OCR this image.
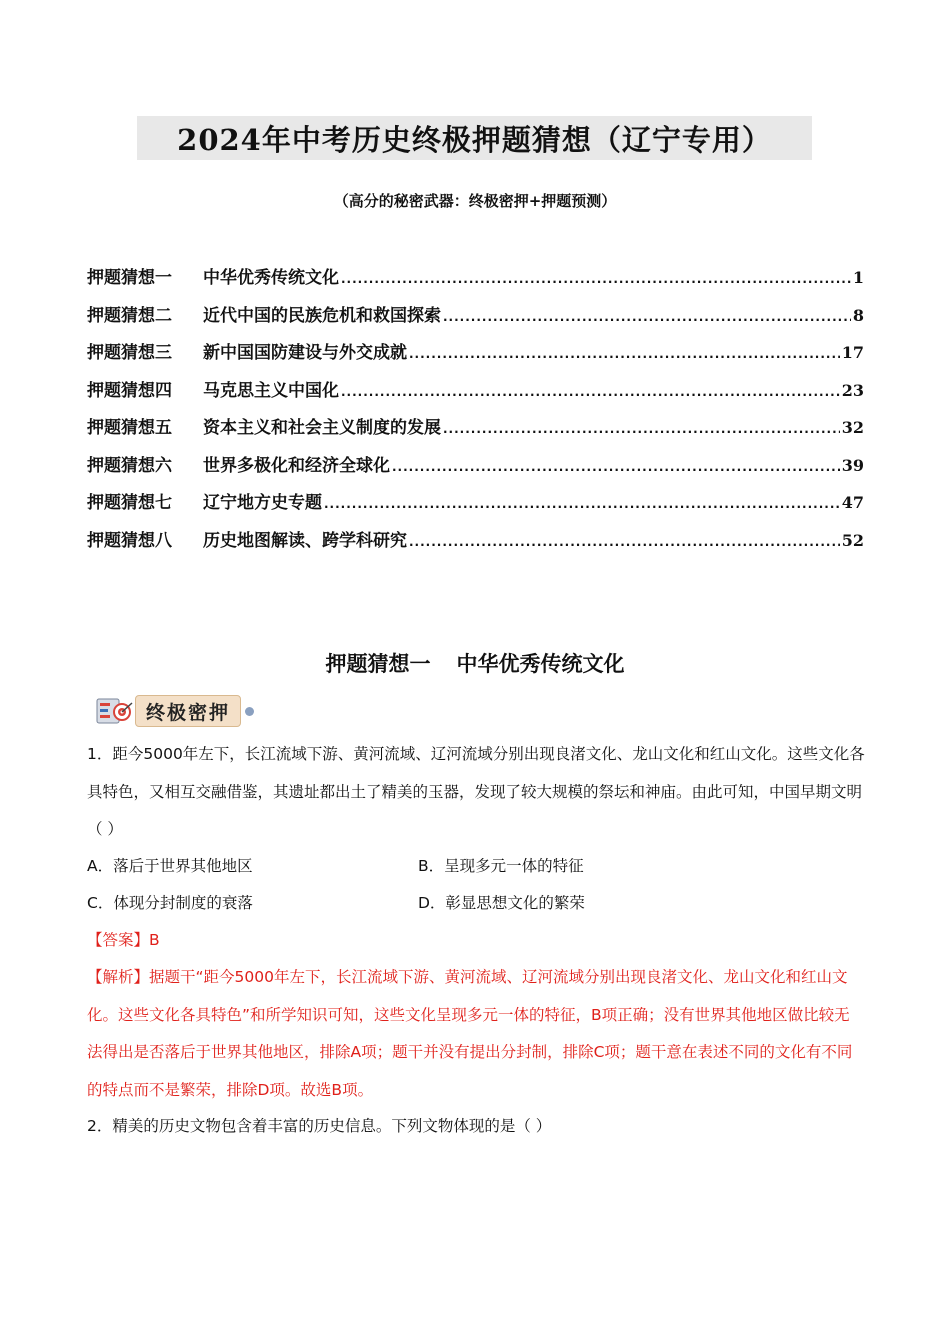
2024年中考历史终极押题猜想（辽宁专用）
（高分的秘密武器：终极密押+押题预测）
押题猜想一	中华优秀传统文化 .....	1
押题猜想二	近代中国的民族危机和救国探索 .....	8
押题猜想三	新中国国防建设与外交成就 .....	17
押题猜想四	马克思主义中国化 .....	23
押题猜想五	资本主义和社会主义制度的发展 .....	32
押题猜想六	世界多极化和经济全球化 .....	39
押题猜想七	辽宁地方史专题 .....	47
押题猜想八	历史地图解读、跨学科研究 .....	52
押题猜想一 中华优秀传统文化
终极密押
1．距今5000年左下，长江流域下游、黄河流域、辽河流域分别出现良渚文化、龙山文化和红山文化。这些文化各具特色，又相互交融借鉴，其遗址都出土了精美的玉器，发现了较大规模的祭坛和神庙。由此可知，中国早期文明（ ）
A．落后于世界其他地区	B．呈现多元一体的特征
C．体现分封制度的衰落	D．彰显思想文化的繁荣
【答案】B
【解析】据题干“距今5000年左下，长江流域下游、黄河流域、辽河流域分别出现良渚文化、龙山文化和红山文化。这些文化各具特色”和所学知识可知，这些文化呈现多元一体的特征，B项正确；没有世界其他地区做比较无法得出是否落后于世界其他地区，排除A项；题干并没有提出分封制，排除C项；题干意在表述不同的文化有不同的特点而不是繁荣，排除D项。故选B项。
2．精美的历史文物包含着丰富的历史信息。下列文物体现的是（ ）
